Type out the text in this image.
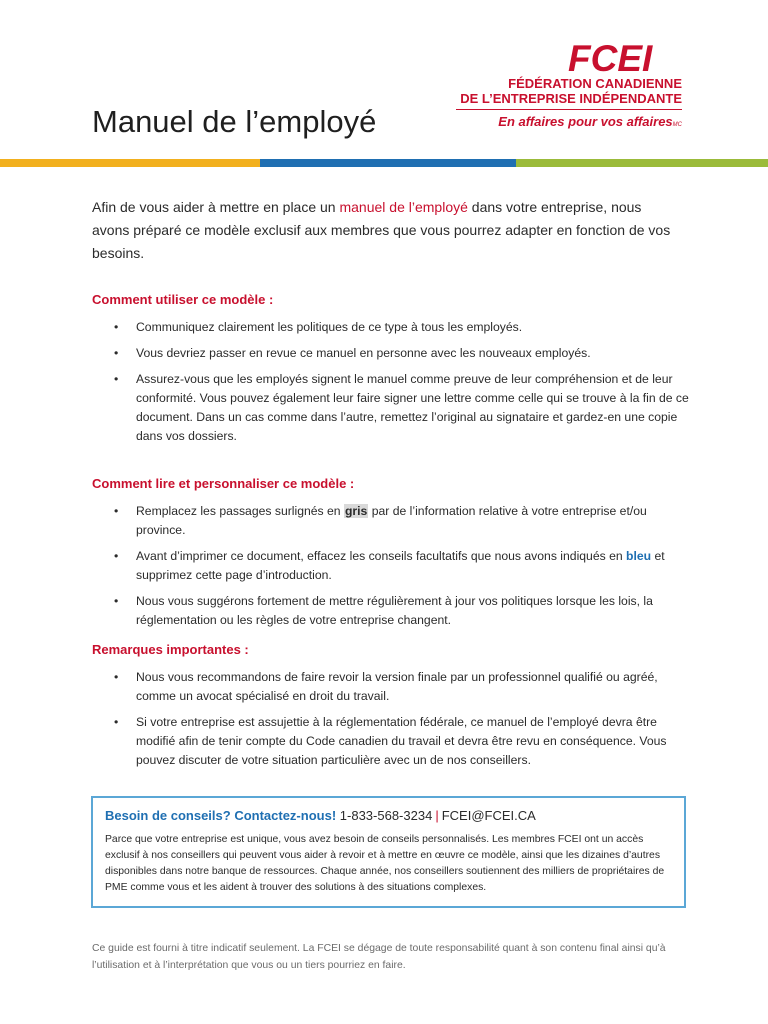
Manuel de l’employé
FCEI
FÉDÉRATION CANADIENNE
DE L’ENTREPRISE INDÉPENDANTE
En affaires pour vos affairesMC

Afin de vous aider à mettre en place un manuel de l’employé dans votre entreprise, nous avons préparé ce modèle exclusif aux membres que vous pourrez adapter en fonction de vos besoins.

Comment utiliser ce modèle :
• Communiquez clairement les politiques de ce type à tous les employés.
• Vous devriez passer en revue ce manuel en personne avec les nouveaux employés.
• Assurez-vous que les employés signent le manuel comme preuve de leur compréhension et de leur conformité. Vous pouvez également leur faire signer une lettre comme celle qui se trouve à la fin de ce document. Dans un cas comme dans l’autre, remettez l’original au signataire et gardez-en une copie dans vos dossiers.
Comment lire et personnaliser ce modèle :
• Remplacez les passages surlignés en gris par de l’information relative à votre entreprise et/ou province.
• Avant d’imprimer ce document, effacez les conseils facultatifs que nous avons indiqués en bleu et supprimez cette page d’introduction.
• Nous vous suggérons fortement de mettre régulièrement à jour vos politiques lorsque les lois, la réglementation ou les règles de votre entreprise changent.
Remarques importantes :
• Nous vous recommandons de faire revoir la version finale par un professionnel qualifié ou agréé, comme un avocat spécialisé en droit du travail.
• Si votre entreprise est assujettie à la réglementation fédérale, ce manuel de l’employé devra être modifié afin de tenir compte du Code canadien du travail et devra être revu en conséquence. Vous pouvez discuter de votre situation particulière avec un de nos conseillers.
Besoin de conseils? Contactez-nous! 1-833-568-3234 | FCEI@FCEI.CA

Parce que votre entreprise est unique, vous avez besoin de conseils personnalisés. Les membres FCEI ont un accès exclusif à nos conseillers qui peuvent vous aider à revoir et à mettre en œuvre ce modèle, ainsi que les dizaines d’autres disponibles dans notre banque de ressources. Chaque année, nos conseillers soutiennent des milliers de propriétaires de PME comme vous et les aident à trouver des solutions à des situations complexes.

Ce guide est fourni à titre indicatif seulement. La FCEI se dégage de toute responsabilité quant à son contenu final ainsi qu’à l’utilisation et à l’interprétation que vous ou un tiers pourriez en faire.
